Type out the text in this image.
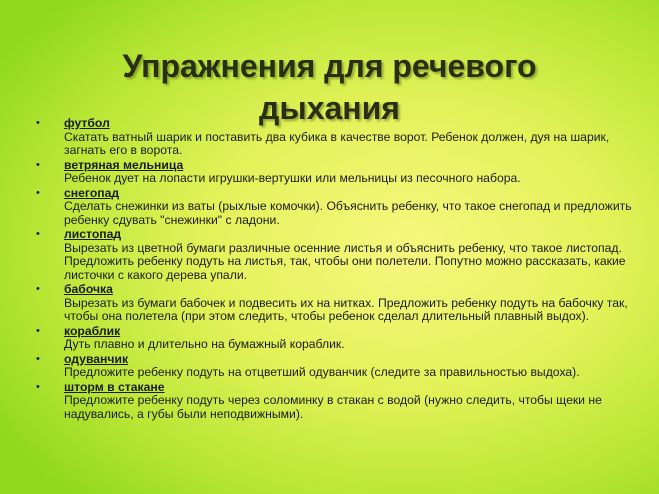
Упражнения для речевого
дыхания
• футбол
Скатать ватный шарик и поставить два кубика в качестве ворот. Ребенок должен, дуя на шарик, загнать его в ворота.
• ветряная мельница
Ребенок дует на лопасти игрушки-вертушки или мельницы из песочного набора.
• снегопад
Сделать снежинки из ваты (рыхлые комочки). Объяснить ребенку, что такое снегопад и предложить ребенку сдувать "снежинки" с ладони.
• листопад
Вырезать из цветной бумаги различные осенние листья и объяснить ребенку, что такое листопад. Предложить ребенку подуть на листья, так, чтобы они полетели. Попутно можно рассказать, какие листочки с какого дерева упали.
• бабочка
Вырезать из бумаги бабочек и подвесить их на нитках. Предложить ребенку подуть на бабочку так, чтобы она полетела (при этом следить, чтобы ребенок сделал длительный плавный выдох).
• кораблик
Дуть плавно и длительно на бумажный кораблик.
• одуванчик
Предложите ребенку подуть на отцветший одуванчик (следите за правильностью выдоха).
• шторм в стакане
Предложите ребенку подуть через соломинку в стакан с водой (нужно следить, чтобы щеки не надувались, а губы были неподвижными).
